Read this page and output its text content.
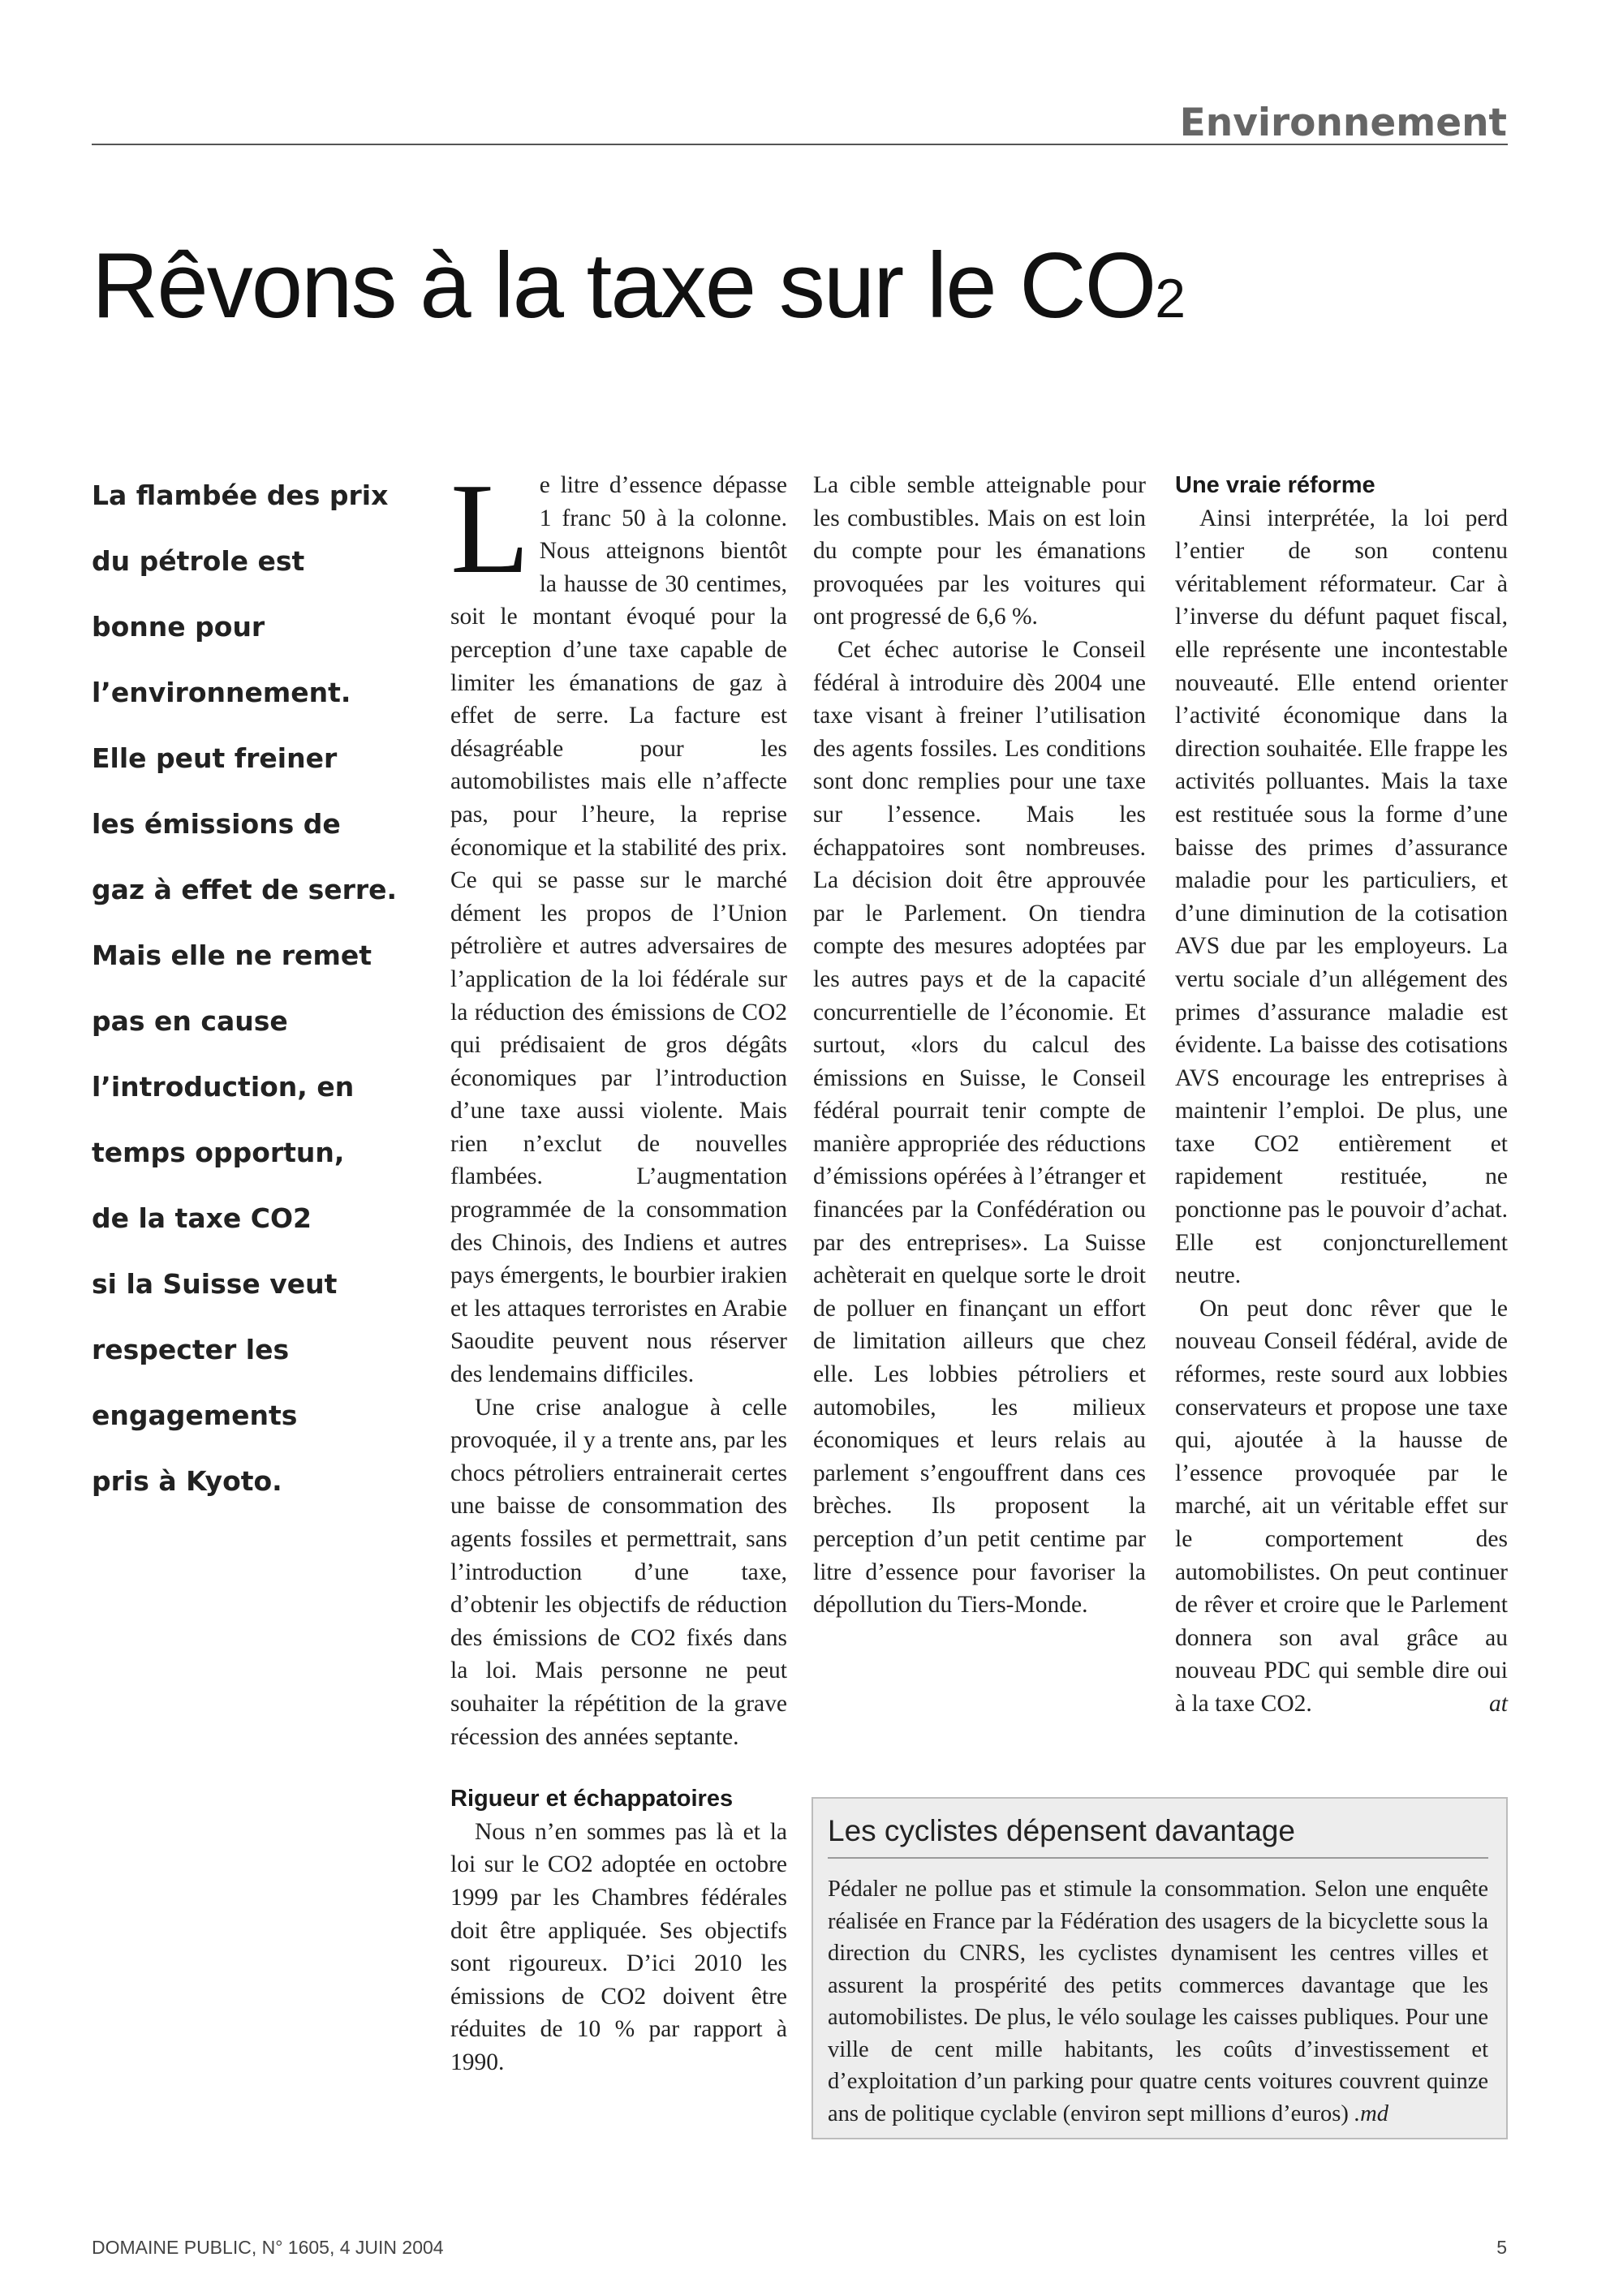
Environnement
Rêvons à la taxe sur le CO2

La flambée des prix

du pétrole est

bonne pour

l’environnement.

Elle peut freiner

les émissions de

gaz à effet de serre.

Mais elle ne remet

pas en cause

l’introduction, en

temps opportun,

de la taxe CO2

si la Suisse veut

respecter les

engagements

pris à Kyoto.

Le litre d’essence dépasse 1 franc 50 à la colonne. Nous atteignons bientôt la hausse de 30 centimes, soit le montant évoqué pour la perception d’une taxe capable de limiter les émanations de gaz à effet de serre. La facture est désagréable pour les automobilistes mais elle n’affecte pas, pour l’heure, la reprise économique et la stabilité des prix. Ce qui se passe sur le marché dément les propos de l’Union pétrolière et autres adversaires de l’application de la loi fédérale sur la réduction des émissions de CO2 qui prédisaient de gros dégâts économiques par l’introduction d’une taxe aussi violente. Mais rien n’exclut de nouvelles flambées. L’augmentation programmée de la consommation des Chinois, des Indiens et autres pays émergents, le bourbier irakien et les attaques terroristes en Arabie Saoudite peuvent nous réserver des lendemains difficiles.

Une crise analogue à celle provoquée, il y a trente ans, par les chocs pétroliers entrainerait certes une baisse de consommation des agents fossiles et permettrait, sans l’introduction d’une taxe, d’obtenir les objectifs de réduction des émissions de CO2 fixés dans la loi. Mais personne ne peut souhaiter la répétition de la grave récession des années septante.

Rigueur et échappatoires

Nous n’en sommes pas là et la loi sur le CO2 adoptée en octobre 1999 par les Chambres fédérales doit être appliquée. Ses objectifs sont rigoureux. D’ici 2010 les émissions de CO2 doivent être réduites de 10 % par rapport à 1990.

La cible semble atteignable pour les combustibles. Mais on est loin du compte pour les émanations provoquées par les voitures qui ont progressé de 6,6 %.

Cet échec autorise le Conseil fédéral à introduire dès 2004 une taxe visant à freiner l’utilisation des agents fossiles. Les conditions sont donc remplies pour une taxe sur l’essence. Mais les échappatoires sont nombreuses. La décision doit être approuvée par le Parlement. On tiendra compte des mesures adoptées par les autres pays et de la capacité concurrentielle de l’économie. Et surtout, «lors du calcul des émissions en Suisse, le Conseil fédéral pourrait tenir compte de manière appropriée des réductions d’émissions opérées à l’étranger et financées par la Confédération ou par des entreprises». La Suisse achèterait en quelque sorte le droit de polluer en finançant un effort de limitation ailleurs que chez elle. Les lobbies pétroliers et automobiles, les milieux économiques et leurs relais au parlement s’engouffrent dans ces brèches. Ils proposent la perception d’un petit centime par litre d’essence pour favoriser la dépollution du Tiers-Monde.

Une vraie réforme

Ainsi interprétée, la loi perd l’entier de son contenu véritablement réformateur. Car à l’inverse du défunt paquet fiscal, elle représente une incontestable nouveauté. Elle entend orienter l’activité économique dans la direction souhaitée. Elle frappe les activités polluantes. Mais la taxe est restituée sous la forme d’une baisse des primes d’assurance maladie pour les particuliers, et d’une diminution de la cotisation AVS due par les employeurs. La vertu sociale d’un allégement des primes d’assurance maladie est évidente. La baisse des cotisations AVS encourage les entreprises à maintenir l’emploi. De plus, une taxe CO2 entièrement et rapidement restituée, ne ponctionne pas le pouvoir d’achat. Elle est conjoncturellement neutre.

On peut donc rêver que le nouveau Conseil fédéral, avide de réformes, reste sourd aux lobbies conservateurs et propose une taxe qui, ajoutée à la hausse de l’essence provoquée par le marché, ait un véritable effet sur le comportement des automobilistes. On peut continuer de rêver et croire que le Parlement donnera son aval grâce au nouveau PDC qui semble dire oui à la taxe CO2.	at

Les cyclistes dépensent davantage

Pédaler ne pollue pas et stimule la consommation. Selon une enquête réalisée en France par la Fédération des usagers de la bicyclette sous la direction du CNRS, les cyclistes dynamisent les centres villes et assurent la prospérité des petits commerces davantage que les automobilistes. De plus, le vélo soulage les caisses publiques. Pour une ville de cent mille habitants, les coûts d’investissement et d’exploitation d’un parking pour quatre cents voitures couvrent quinze ans de politique cyclable (environ sept millions d’euros) .md

DOMAINE PUBLIC, N° 1605, 4 JUIN 2004	5
